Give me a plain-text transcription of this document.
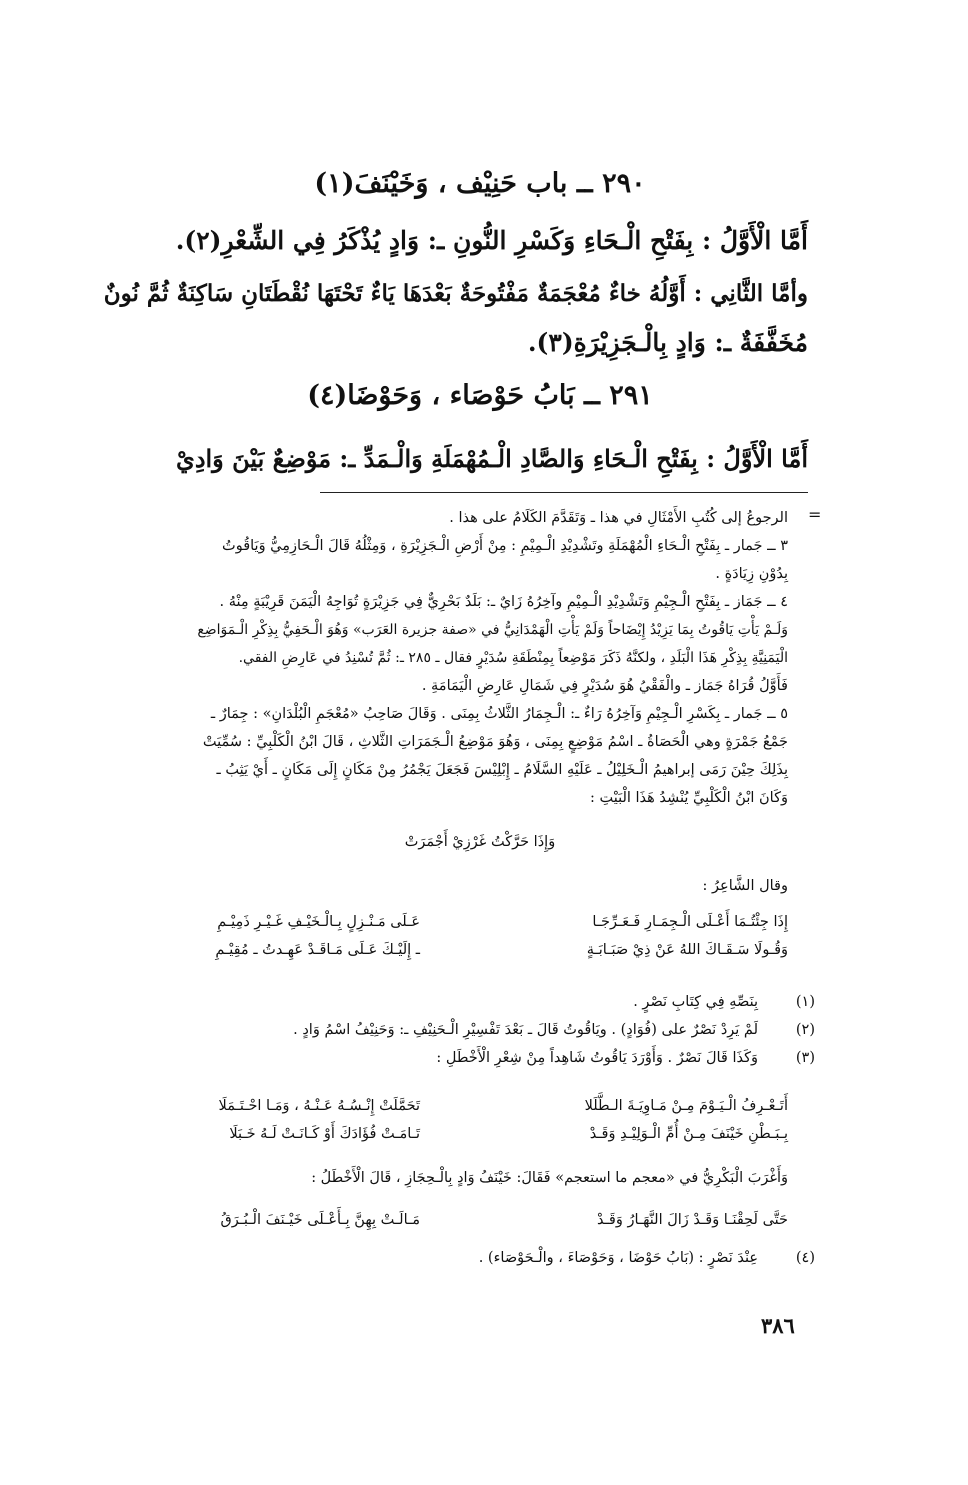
٢٩٠ ــ باب حَنِيْف ، وَخَيْنَفَ(١)
أَمَّا الْأَوَّلُ : بِفَتْحِ الْـحَاءِ وَكَسْرِ النُّونِ ـ: وَادٍ يُذْكَرُ فِي الشِّعْرِ(٢).
وأمَّا الثَّانِي : أَوَّلُهُ خاءٌ مُعْجَمَةٌ مَفْتُوحَةٌ بَعْدَهَا يَاءٌ تَحْتَهَا نُقْطَتَانِ سَاكِنَةٌ ثُمَّ نُونٌ
مُخَفَّفَةٌ ـ: وَادٍ بِالْـجَزِيْرَةِ(٣).
٢٩١ ــ بَابُ حَوْصَاء ، وَحَوْضَا(٤)
أَمَّا الْأَوَّلُ : بِفَتْحِ الْـحَاءِ وَالصَّادِ الْـمُهْمَلَةِ وَالْـمَدِّ ـ: مَوْضِعٌ بَيْنَ وَادِيْ
=
الرجوعُ إلى كُتُبِ الأَمْثَالِ في هذا ـ وَتَقَدَّمَ الكَلَامُ على هذا .
٣ ــ جَمار ـ بِفَتْحِ الْـحَاءِ الْمُهْمَلَةِ وتَشْدِيْدِ الْـمِيْمِ : مِنْ أَرْضِ الْـجَزِيْرَةِ ، وَمِثْلُهُ قَالَ الْـحَازِمِيُّ وَيَاقُوتُ
بِدُوْنِ زِيَادَةٍ .
٤ ــ جَمَاز ـ بِفَتْحِ الْـجِيْمِ وَتَشْدِيْدِ الْـمِيْمِ وآخِرُهُ زَايٌ ـ: بَلَدٌ بَحْرِيٌّ فِي جَزِيْرَةٍ تُوَاجِهُ الْيَمَنَ قَرِيْبَةٍ مِنْهُ .
وَلَـمْ يَأْتِ يَاقُوتُ بِمَا يَزِيْدُ إِيْضَاحاً وَلَمْ يَأْتِ الْهَمْدَانِيُّ في «صفة جزيرة العَرَب» وَهُوَ الْـحَفِيُّ بِذِكْرِ الْـمَوَاضِع
الْيَمَنِيَّةِ بِذِكْرِ هَذَا الْبَلَدِ ، ولكنَّهُ ذَكَرَ مَوْضِعاً بِمِنْطَقَةِ سُدَيْرٍ فقال ـ ٢٨٥ ـ: ثُمَّ تُسْنِدُ في عَارِضِ الفقي.
فَأَوَّلُ قُرَاهُ جَمَاز ـ والْفَقْيُ هُوَ سُدَيْرٍ فِي شَمَالِ عَارِضِ الْيَمَامَةِ .
٥ ــ جَمار ـ بِكَسْرِ الْـجِيْمِ وَآخِرُهُ رَاءٌ ـ: الْـجِمَارُ الثَّلاثُ بِمِنَى . وَقَالَ صَاحِبُ «مُعْجَمِ الْبُلْدَانِ» : جِمَارٌ ـ
جَمْعُ جَمْرَةٍ وهي الْحَصَاةُ ـ اسْمُ مَوْضِعٍ بِمِنَى ، وَهُوَ مَوْضِعُ الْـجَمَرَاتِ الثَّلاثِ ، قَالَ ابْنُ الْكَلْبِيِّ : سُمِّيَتْ
بِذَلِكَ حِيْنَ رَمَى إبراهيمُ الْـخَلِيْلُ ـ عَلَيْهِ السَّلَامُ ـ إِبْلِيْسَ فَجَعَلَ يَجْمُرُ مِنْ مَكَانٍ إِلَى مَكَانٍ ـ أَيْ يَثِبُ ـ
وَكَانَ ابْنُ الْكَلْبِيِّ يُنْشِدُ هَذَا الْبَيْتِ :
وَإِذَا حَرَّكْتُ غَرْزِيْ أَجْمَرَتْ
وقال الشَّاعِرُ :
إِذَا جِئْتُـمَا أَعْـلَى الْـجِمَـارِ فَـعَـرِّجَـا
عَـلَى مَـنْـزِلٍ بِـالْـخَيْـفِ غَـيْـرِ ذَمِيْـمِ
وَقُـولَا سَـقَـاكَ اللهُ عَنْ ذِيْ صَبَـابَـةٍ
ـ إِلَيْـكَ عَـلَى مَـاقَـدْ عَهِـدتُ ـ مُقِيْـمِ
(١)
بِنَصِّهِ فِي كِتَابِ نَصْرٍ .
(٢)
لَمْ يَرِدْ نَصْرٌ على (فُوَادٍ) . ويَاقُوتُ قَالَ ـ بَعْدَ تَفْسِيْرِ الْـحَنِيْفِ ـ: وَحَنِيْفُ اسْمُ وَادٍ .
(٣)
وَكَذَا قَالَ نَصْرٌ . وَأَوْرَدَ يَاقُوتُ شَاهِداً مِنْ شِعْرِ الْأَخْطَلِ :
أَتَـعْـرِفُ الْـيَـوْمَ مِـنْ مَـاوِيَـةَ الـطَّلَلا
تَحَمَّلَتْ إِنْـسُـهُ عَـنْـهُ ، وَمَـا احْـتَـمَلَا
بِـبَـطْنِ خَيْنَفَ مِـنْ أُمِّ الْـوَلِيْـدِ وَقَـدْ
تَـامَـتْ فُؤَادَكَ أَوْ كَـانَـتْ لَـهُ خَـبَلَا
وَأَغْرَبَ الْبَكْرِيُّ في «معجم ما استعجم» فَقَالَ: خَيْنَفُ وَادٍ بِالْـحِجَازِ ، قَالَ الْأَخْطَلُ :
حَتَّى لَحِقْنَـا وَقَـدْ زَالَ النَّهَـارُ وَقَـدْ
مَـالَـتْ بِهِنَّ بِـأَعْـلَى خَيْـنَفَ الْـبُـرَقُ
(٤)
عِنْدَ نَصْرٍ : (بَابُ حَوْضَا ، وَحَوْصَاءَ ، والْـحَوْصَاء) .
٣٨٦
